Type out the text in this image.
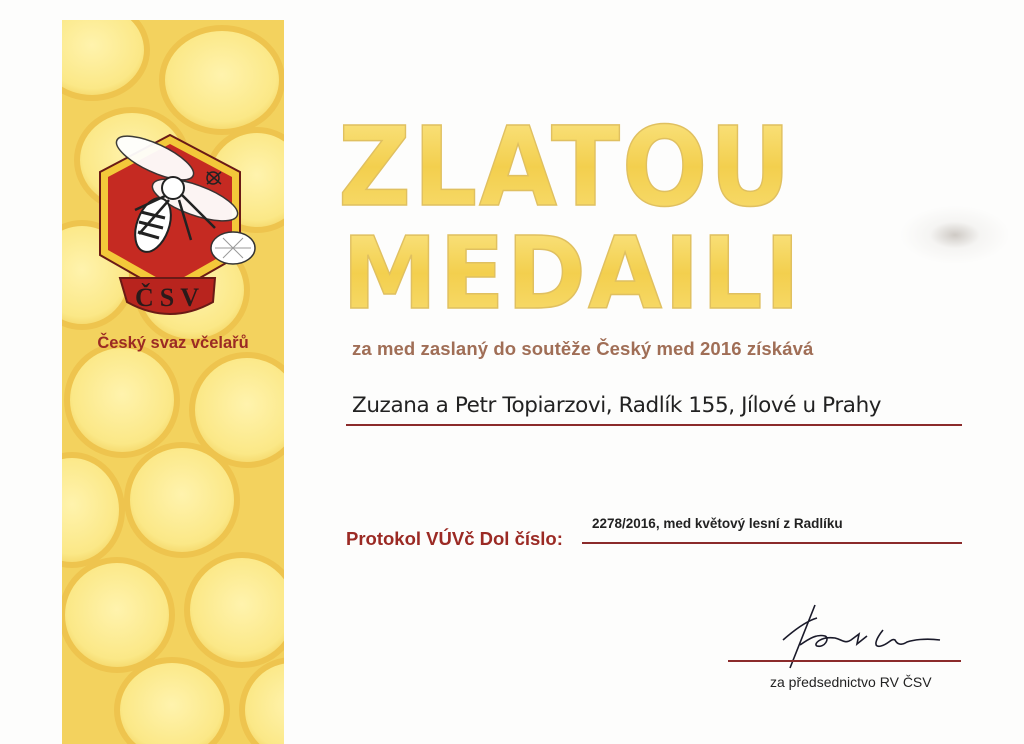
ČSV
Český svaz včelařů
ZLATOU
MEDAILI
za med zaslaný do soutěže Český med 2016 získává
Zuzana a Petr Topiarzovi, Radlík 155, Jílové u Prahy
Protokol VÚVč Dol číslo:
2278/2016, med květový lesní z Radlíku
za předsednictvo RV ČSV
